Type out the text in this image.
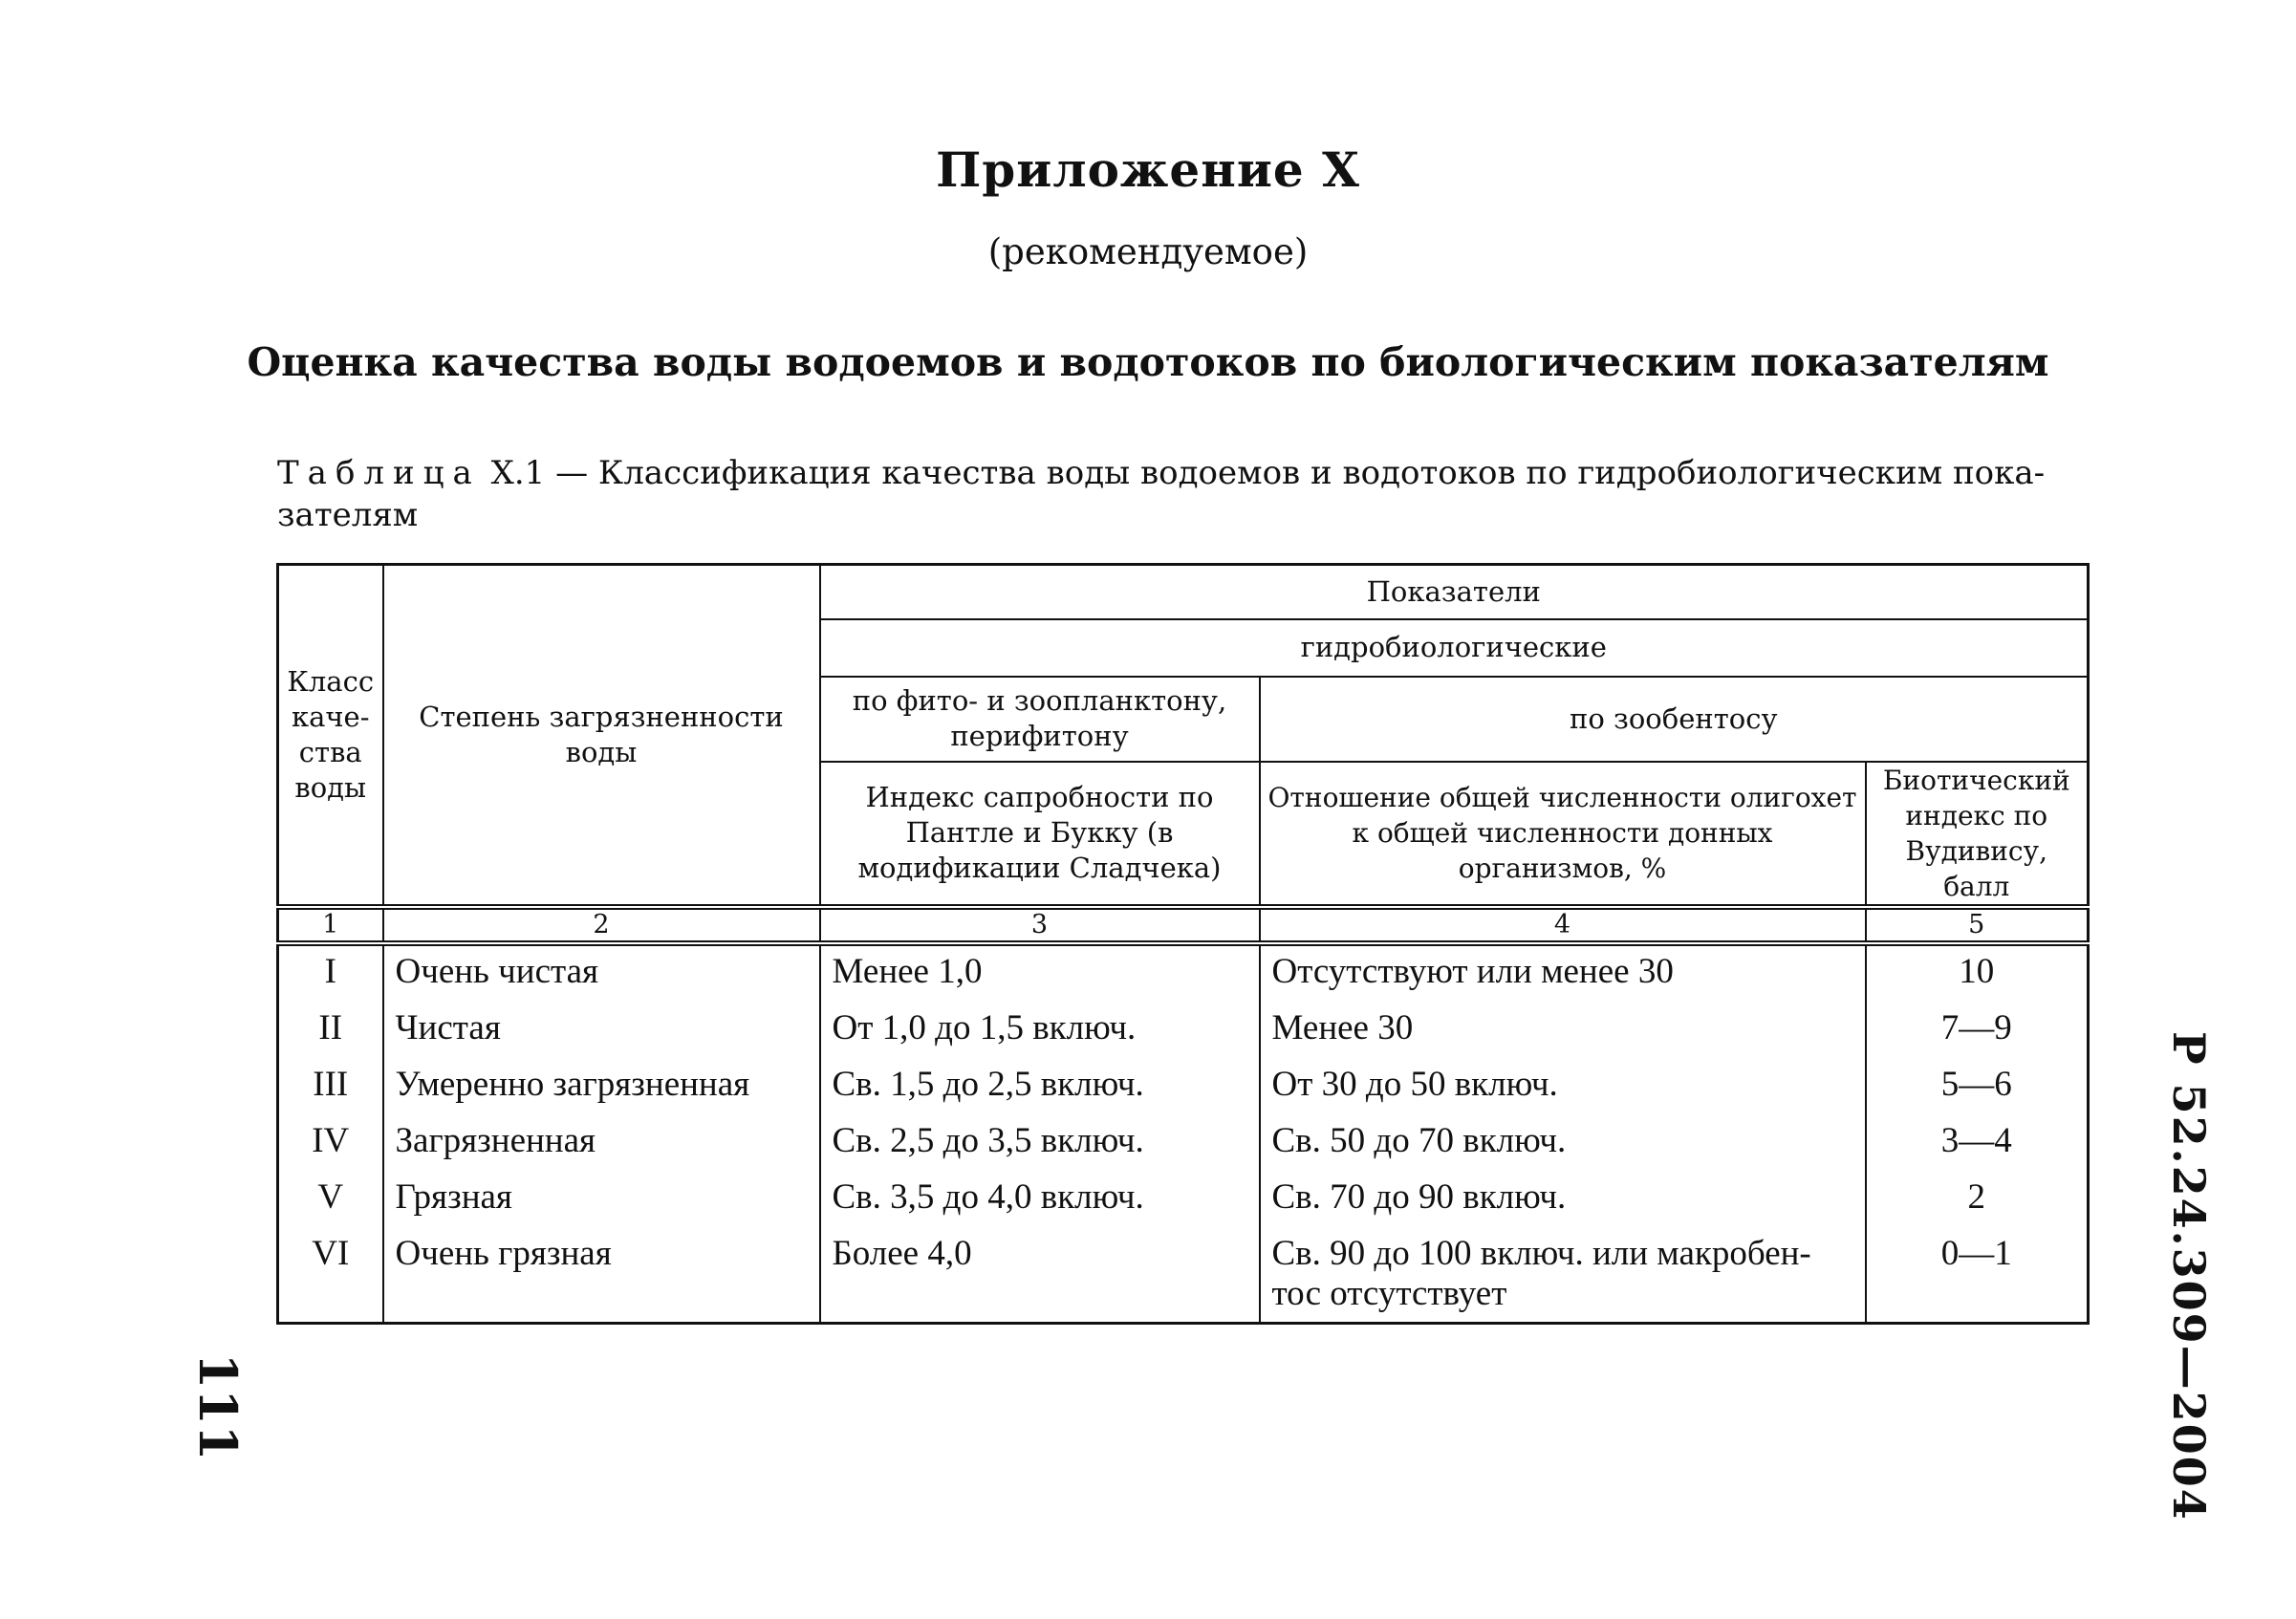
Приложение X
(рекомендуемое)
Оценка качества воды водоемов и водотоков по биологическим показателям
Таблица X.1 — Классификация качества воды водоемов и водотоков по гидробиологическим пока-
зателям
Класс каче- ства воды	Степень загрязненности воды	Показатели		
		гидробиологические		
		по фито- и зоопланктону, перифитону	по зообентосу	
		Индекс сапробности по Пантле и Букку (в модификации Сладчека)	Отношение общей численности олигохет к общей численности донных организмов, %	Биотический индекс по Вудивису, балл
1	2	3	4	5
I	Очень чистая	Менее 1,0	Отсутствуют или менее 30	10
II	Чистая	От 1,0 до 1,5 включ.	Менее 30	7—9
III	Умеренно загрязненная	Св. 1,5 до 2,5 включ.	От 30 до 50 включ.	5—6
IV	Загрязненная	Св. 2,5 до 3,5 включ.	Св. 50 до 70 включ.	3—4
V	Грязная	Св. 3,5 до 4,0 включ.	Св. 70 до 90 включ.	2
VI	Очень грязная	Более 4,0	Св. 90 до 100 включ. или макробен- тос отсутствует	0—1
111	Р 52.24.309—2004
